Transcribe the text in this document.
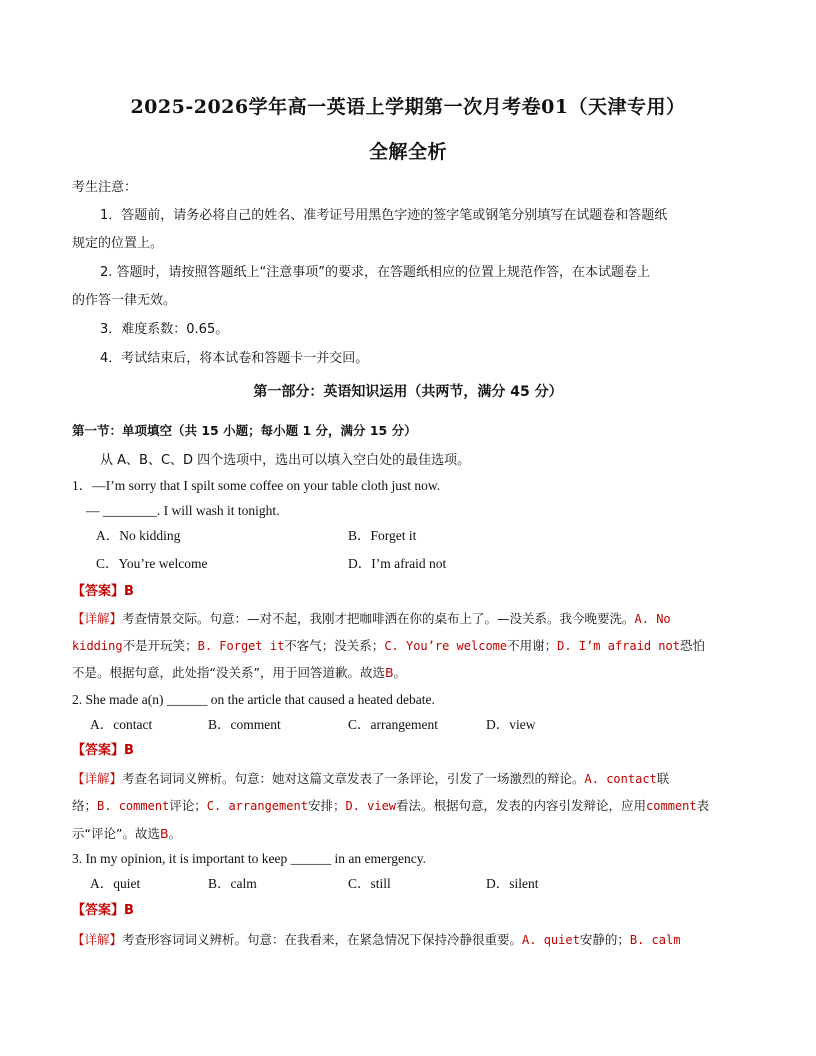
2025-2026学年高一英语上学期第一次月考卷01（天津专用）
全解全析
考生注意：
1．答题前，请务必将自己的姓名、准考证号用黑色字迹的签字笔或钢笔分别填写在试题卷和答题纸
规定的位置上。
2. 答题时，请按照答题纸上“注意事项”的要求，在答题纸相应的位置上规范作答，在本试题卷上
的作答一律无效。
3．难度系数：0.65。
4．考试结束后，将本试卷和答题卡一并交回。
第一部分：英语知识运用（共两节，满分 45 分）
第一节：单项填空（共 15 小题；每小题 1 分，满分 15 分）
从 A、B、C、D 四个选项中，选出可以填入空白处的最佳选项。
1．—I’m sorry that I spilt some coffee on your table cloth just now.
— ________. I will wash it tonight.
A．No kidding	B．Forget it
C．You’re welcome	D．I’m afraid not
【答案】B
【详解】考查情景交际。句意：—对不起，我刚才把咖啡洒在你的桌布上了。—没关系。我今晚要洗。A. No
kidding不是开玩笑；B. Forget it不客气；没关系；C. You’re welcome不用谢；D. I’m afraid not恐怕
不是。根据句意，此处指“没关系”，用于回答道歉。故选B。
2. She made a(n) ______ on the article that caused a heated debate.
A．contact	B．comment	C．arrangement	D．view
【答案】B
【详解】考查名词词义辨析。句意：她对这篇文章发表了一条评论，引发了一场激烈的辩论。A. contact联
络；B. comment评论；C. arrangement安排；D. view看法。根据句意，发表的内容引发辩论，应用comment表
示“评论”。故选B。
3. In my opinion, it is important to keep ______ in an emergency.
A．quiet	B．calm	C．still	D．silent
【答案】B
【详解】考查形容词词义辨析。句意：在我看来，在紧急情况下保持冷静很重要。A. quiet安静的；B. calm
